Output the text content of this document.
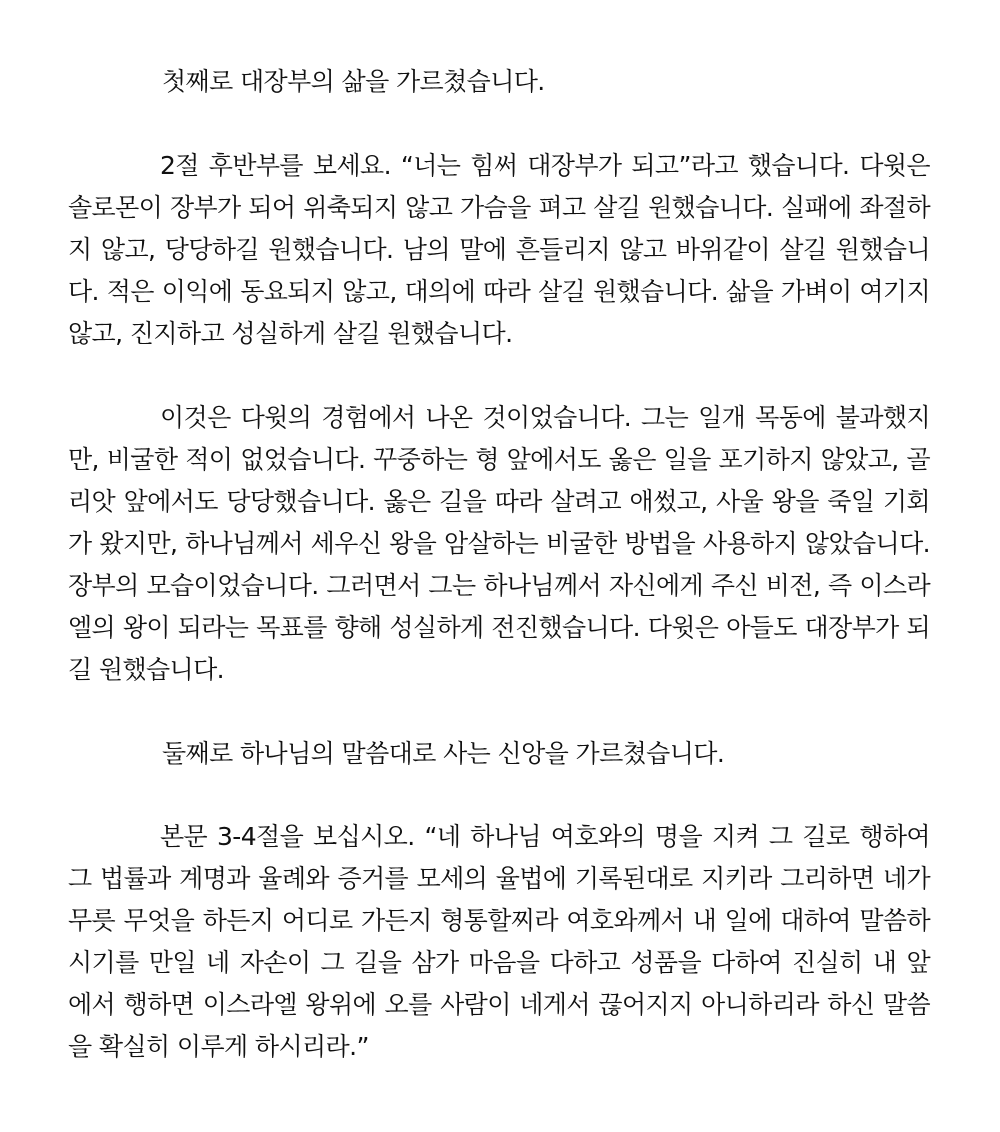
첫째로 대장부의 삶을 가르쳤습니다.
2절 후반부를 보세요. “너는 힘써 대장부가 되고”라고 했습니다. 다윗은
솔로몬이 장부가 되어 위축되지 않고 가슴을 펴고 살길 원했습니다. 실패에 좌절하
지 않고, 당당하길 원했습니다. 남의 말에 흔들리지 않고 바위같이 살길 원했습니
다. 적은 이익에 동요되지 않고, 대의에 따라 살길 원했습니다. 삶을 가벼이 여기지
않고, 진지하고 성실하게 살길 원했습니다.
이것은 다윗의 경험에서 나온 것이었습니다. 그는 일개 목동에 불과했지
만, 비굴한 적이 없었습니다. 꾸중하는 형 앞에서도 옳은 일을 포기하지 않았고, 골
리앗 앞에서도 당당했습니다. 옳은 길을 따라 살려고 애썼고, 사울 왕을 죽일 기회
가 왔지만, 하나님께서 세우신 왕을 암살하는 비굴한 방법을 사용하지 않았습니다.
장부의 모습이었습니다. 그러면서 그는 하나님께서 자신에게 주신 비전, 즉 이스라
엘의 왕이 되라는 목표를 향해 성실하게 전진했습니다. 다윗은 아들도 대장부가 되
길 원했습니다.
둘째로 하나님의 말씀대로 사는 신앙을 가르쳤습니다.
본문 3-4절을 보십시오. “네 하나님 여호와의 명을 지켜 그 길로 행하여
그 법률과 계명과 율례와 증거를 모세의 율법에 기록된대로 지키라 그리하면 네가
무릇 무엇을 하든지 어디로 가든지 형통할찌라 여호와께서 내 일에 대하여 말씀하
시기를 만일 네 자손이 그 길을 삼가 마음을 다하고 성품을 다하여 진실히 내 앞
에서 행하면 이스라엘 왕위에 오를 사람이 네게서 끊어지지 아니하리라 하신 말씀
을 확실히 이루게 하시리라.”
